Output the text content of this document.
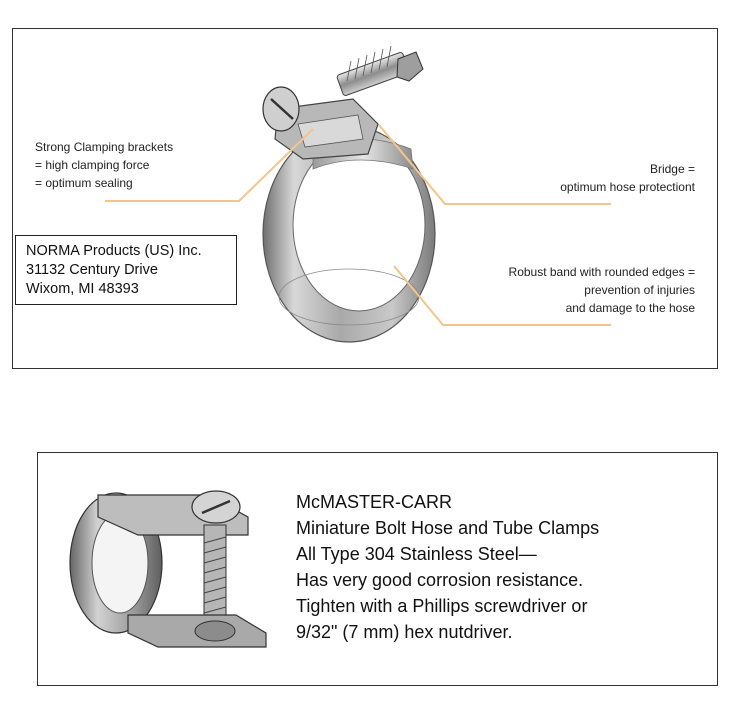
Strong Clamping brackets
= high clamping force
= optimum sealing
Bridge =
optimum hose protectiont
Robust band with rounded edges =
prevention of injuries
and damage to the hose
NORMA Products (US) Inc.
31132 Century Drive
Wixom, MI 48393
McMASTER-CARR
Miniature Bolt Hose and Tube Clamps
All Type 304 Stainless Steel—
Has very good corrosion resistance.
Tighten with a Phillips screwdriver or
9/32" (7 mm) hex nutdriver.
